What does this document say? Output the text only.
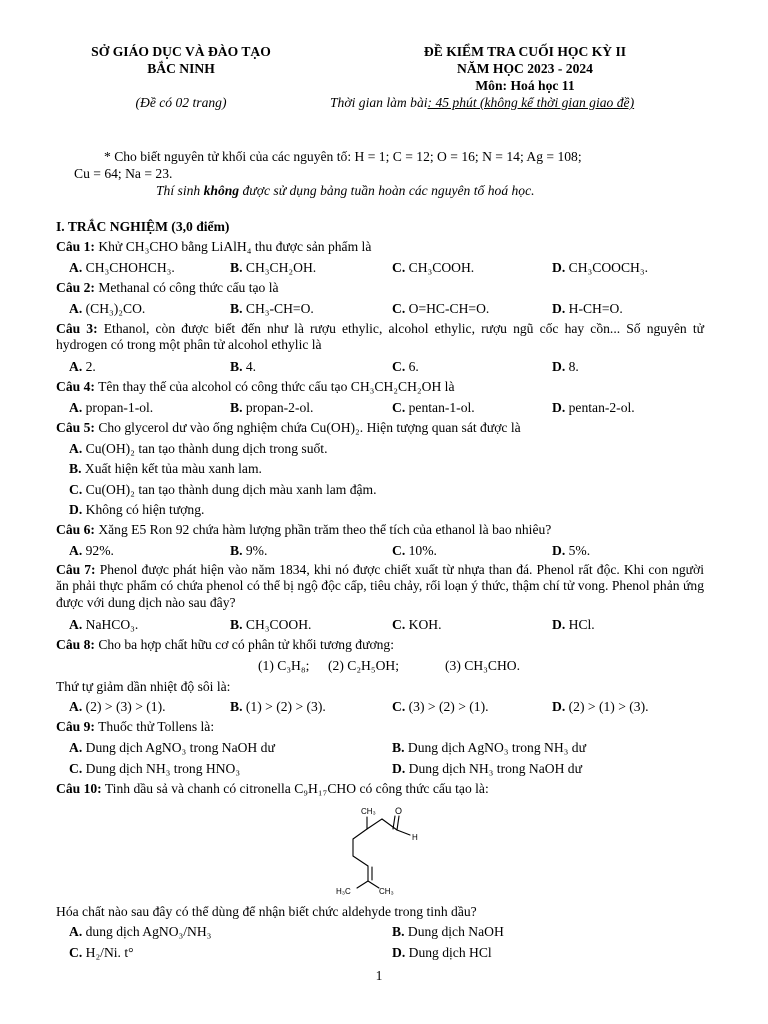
SỞ GIÁO DỤC VÀ ĐÀO TẠO
BẮC NINH
(Đề có 02 trang)
ĐỀ KIỂM TRA CUỐI HỌC KỲ II
NĂM HỌC 2023 - 2024
Môn: Hoá học 11
Thời gian làm bài: 45 phút (không kể thời gian giao đề)
* Cho biết nguyên tử khối của các nguyên tố: H = 1; C = 12; O = 16; N = 14; Ag = 108;
Cu = 64; Na = 23.
Thí sinh không được sử dụng bảng tuần hoàn các nguyên tố hoá học.
I. TRẮC NGHIỆM (3,0 điểm)
Câu 1: Khử CH₃CHO bằng LiAlH₄ thu được sản phẩm là
A. CH₃CHOHCH₃.	B. CH₃CH₂OH.	C. CH₃COOH.	D. CH₃COOCH₃.
Câu 2: Methanal có công thức cấu tạo là
A. (CH₃)₂CO.	B. CH₃-CH=O.	C. O=HC-CH=O.	D. H-CH=O.
Câu 3: Ethanol, còn được biết đến như là rượu ethylic, alcohol ethylic, rượu ngũ cốc hay cồn... Số nguyên tử hydrogen có trong một phân tử alcohol ethylic là
A. 2.	B. 4.	C. 6.	D. 8.
Câu 4: Tên thay thế của alcohol có công thức cấu tạo CH₃CH₂CH₂OH là
A. propan-1-ol.	B. propan-2-ol.	C. pentan-1-ol.	D. pentan-2-ol.
Câu 5: Cho glycerol dư vào ống nghiệm chứa Cu(OH)₂. Hiện tượng quan sát được là
A. Cu(OH)₂ tan tạo thành dung dịch trong suốt.
B. Xuất hiện kết tủa màu xanh lam.
C. Cu(OH)₂ tan tạo thành dung dịch màu xanh lam đậm.
D. Không có hiện tượng.
Câu 6: Xăng E5 Ron 92 chứa hàm lượng phần trăm theo thể tích của ethanol là bao nhiêu?
A. 92%.	B. 9%.	C. 10%.	D. 5%.
Câu 7: Phenol được phát hiện vào năm 1834, khi nó được chiết xuất từ nhựa than đá. Phenol rất độc. Khi con người ăn phải thực phẩm có chứa phenol có thể bị ngộ độc cấp, tiêu chảy, rối loạn ý thức, thậm chí tử vong. Phenol phản ứng được với dung dịch nào sau đây?
A. NaHCO₃.	B. CH₃COOH.	C. KOH.	D. HCl.
Câu 8: Cho ba hợp chất hữu cơ có phân tử khối tương đương:
(1) C₃H₈; (2) C₂H₅OH;	(3) CH₃CHO.
Thứ tự giảm dần nhiệt độ sôi là:
A. (2) > (3) > (1).	B. (1) > (2) > (3).	C. (3) > (2) > (1).	D. (2) > (1) > (3).
Câu 9: Thuốc thử Tollens là:
A. Dung dịch AgNO₃ trong NaOH dư	B. Dung dịch AgNO₃ trong NH₃ dư
C. Dung dịch NH₃ trong HNO₃	D. Dung dịch NH₃ trong NaOH dư
Câu 10: Tinh dầu sả và chanh có citronella C₉H₁₇CHO có công thức cấu tạo là:
CH₃ O
H
H₃C	CH₃
Hóa chất nào sau đây có thể dùng để nhận biết chức aldehyde trong tinh dầu?
A. dung dịch AgNO₃/NH₃	B. Dung dịch NaOH
C. H₂/Ni. t°	D. Dung dịch HCl
1
